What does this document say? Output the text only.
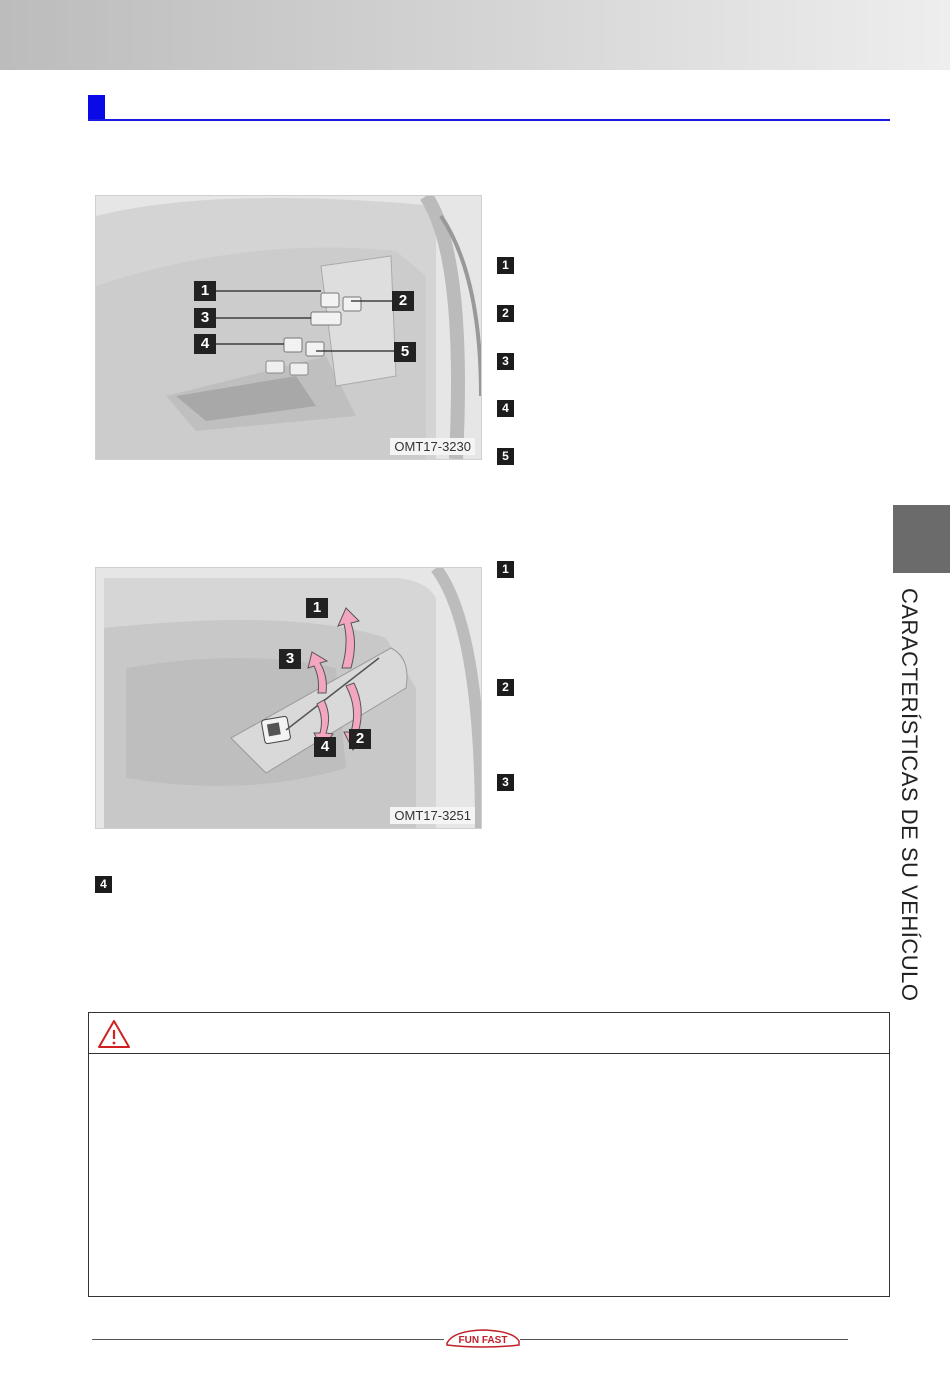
1
3
4
2
5
OMT17-3230
1
3
4	2
OMT17-3251
1
2
3
4
5
1
2
3
4	CARACTERÍSTICAS DE SU VEHÍCULO
FUN FAST
